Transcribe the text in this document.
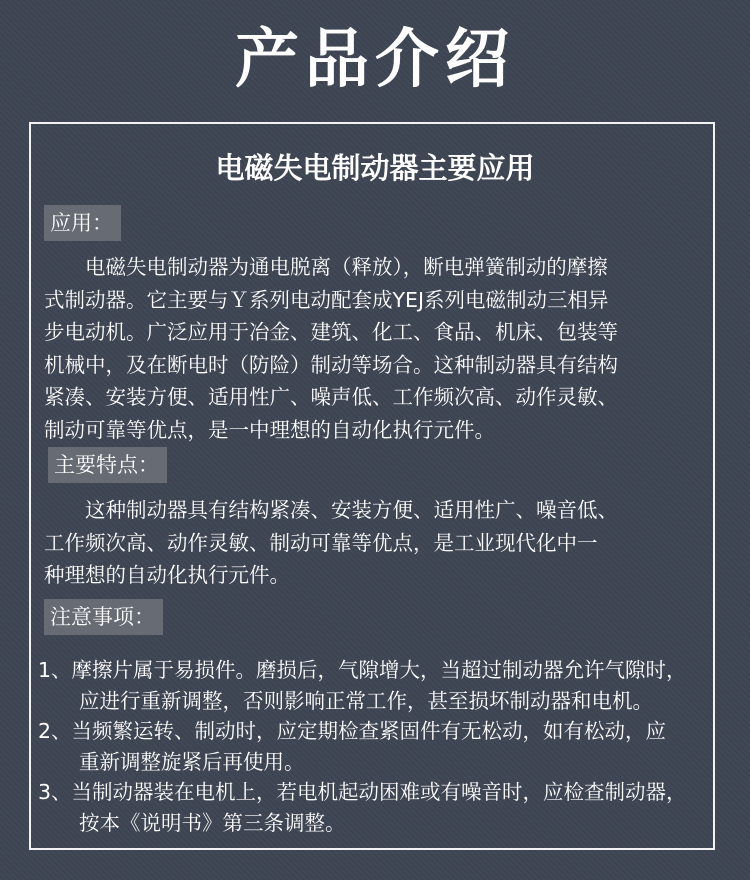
产品介绍
电磁失电制动器主要应用
应用：
　　电磁失电制动器为通电脱离（释放），断电弹簧制动的摩擦
式制动器。它主要与Ｙ系列电动配套成YEJ系列电磁制动三相异
步电动机。广泛应用于冶金、建筑、化工、食品、机床、包装等
机械中，及在断电时（防险）制动等场合。这种制动器具有结构
紧凑、安装方便、适用性广、噪声低、工作频次高、动作灵敏、
制动可靠等优点，是一中理想的自动化执行元件。
主要特点：
　　这种制动器具有结构紧凑、安装方便、适用性广、噪音低、
工作频次高、动作灵敏、制动可靠等优点，是工业现代化中一
种理想的自动化执行元件。
注意事项：
1、摩擦片属于易损件。磨损后，气隙增大，当超过制动器允许气隙时，
　　应进行重新调整，否则影响正常工作，甚至损坏制动器和电机。
2、当频繁运转、制动时，应定期检查紧固件有无松动，如有松动，应
　　重新调整旋紧后再使用。
3、当制动器装在电机上，若电机起动困难或有噪音时，应检查制动器，
　　按本《说明书》第三条调整。
